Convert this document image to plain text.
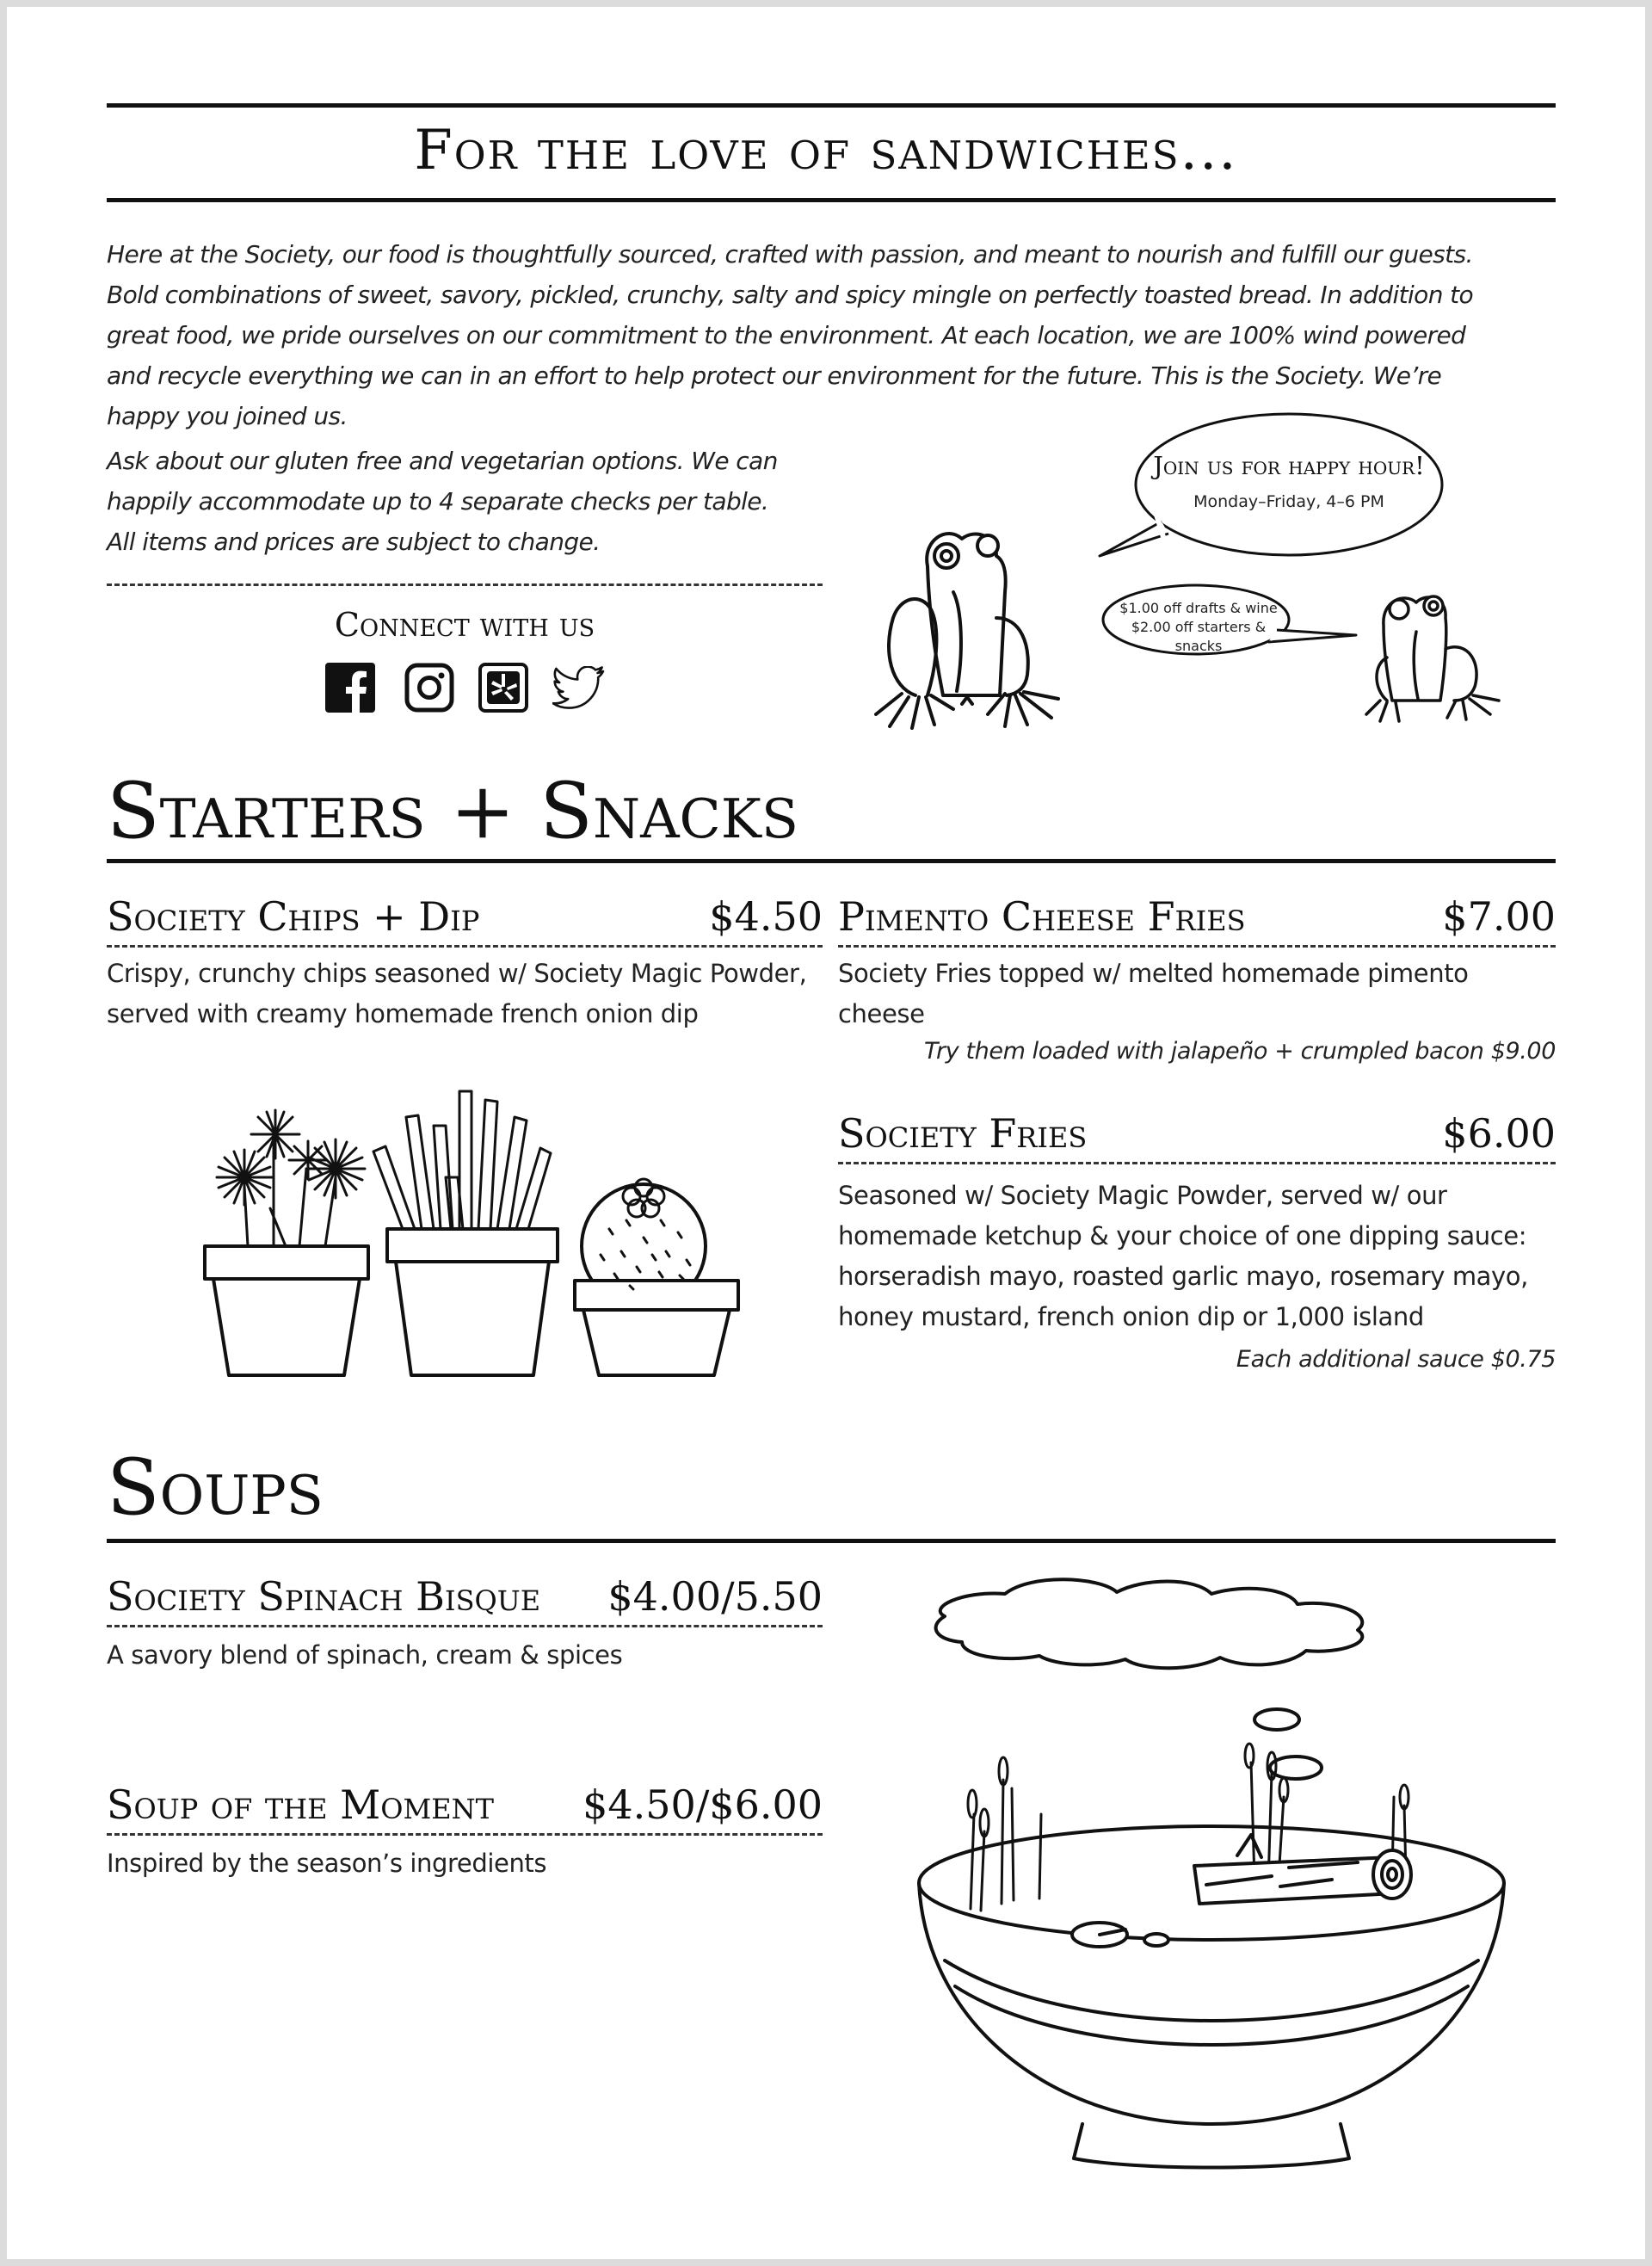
For the love of sandwiches...
Here at the Society, our food is thoughtfully sourced, crafted with passion, and meant to nourish and fulfill our guests. Bold combinations of sweet, savory, pickled, crunchy, salty and spicy mingle on perfectly toasted bread. In addition to great food, we pride ourselves on our commitment to the environment. At each location, we are 100% wind powered and recycle everything we can in an effort to help protect our environment for the future. This is the Society. We’re happy you joined us.
Ask about our gluten free and vegetarian options. We can happily accommodate up to 4 separate checks per table. All items and prices are subject to change.
Connect with us
Join us for happy hour!
Monday–Friday, 4–6 PM
$1.00 off drafts & wine
$2.00 off starters & snacks
Starters + Snacks
Society Chips + Dip	$4.50
Crispy, crunchy chips seasoned w/ Society Magic Powder, served with creamy homemade french onion dip
Pimento Cheese Fries	$7.00
Society Fries topped w/ melted homemade pimento cheese
Try them loaded with jalapeño + crumpled bacon $9.00
Society Fries	$6.00
Seasoned w/ Society Magic Powder, served w/ our homemade ketchup & your choice of one dipping sauce: horseradish mayo, roasted garlic mayo, rosemary mayo, honey mustard, french onion dip or 1,000 island
Each additional sauce $0.75
Soups
Society Spinach Bisque	$4.00/5.50
A savory blend of spinach, cream & spices
Soup of the Moment	$4.50/$6.00
Inspired by the season’s ingredients
